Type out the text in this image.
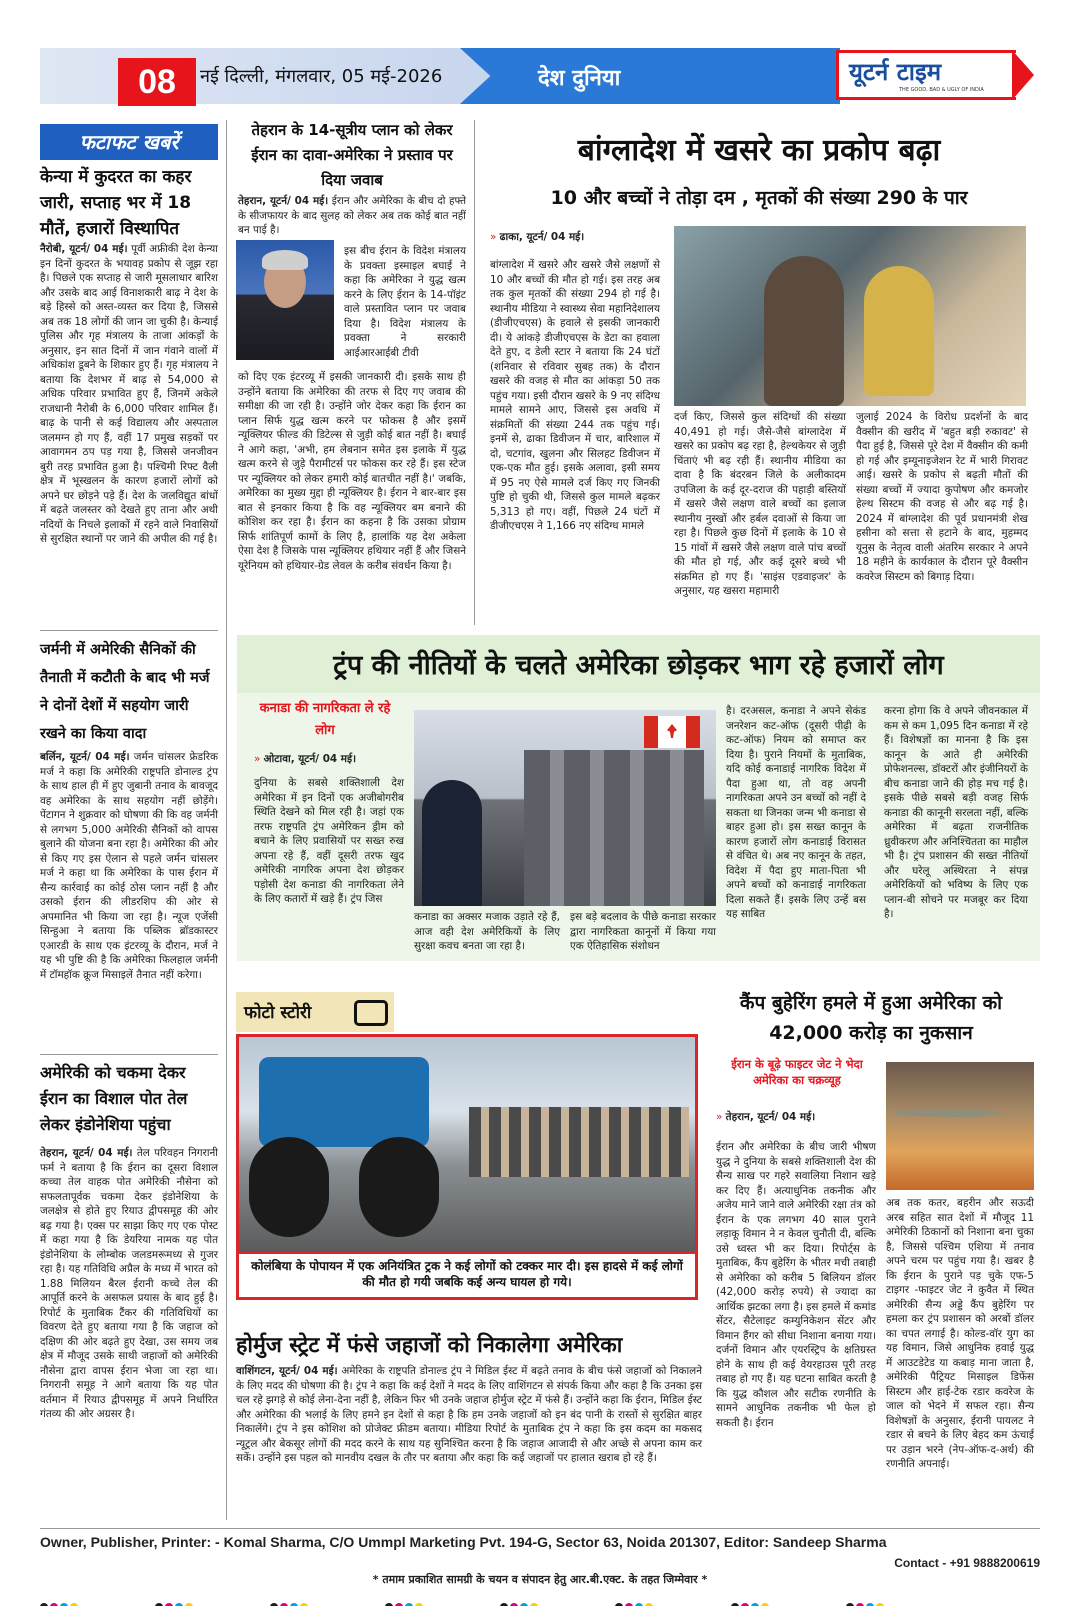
08	नई दिल्ली, मंगलवार, 05 मई-2026	देश दुनिया	यूटर्न टाइम
THE GOOD, BAD & UGLY OF INDIA
फटाफट खबरें
केन्या में कुदरत का कहर जारी, सप्ताह भर में 18 मौतें, हजारों विस्थापित
नैरोबी, यूटर्न/ 04 मई। पूर्वी अफ्रीकी देश केन्या इन दिनों कुदरत के भयावह प्रकोप से जूझ रहा है। पिछले एक सप्ताह से जारी मूसलाधार बारिश और उसके बाद आई विनाशकारी बाढ़ ने देश के बड़े हिस्से को अस्त-व्यस्त कर दिया है, जिससे अब तक 18 लोगों की जान जा चुकी है। केन्याई पुलिस और गृह मंत्रालय के ताजा आंकड़ों के अनुसार, इन सात दिनों में जान गंवाने वालों में अधिकांश डूबने के शिकार हुए हैं। गृह मंत्रालय ने बताया कि देशभर में बाढ़ से 54,000 से अधिक परिवार प्रभावित हुए हैं, जिनमें अकेले राजधानी नैरोबी के 6,000 परिवार शामिल हैं। बाढ़ के पानी से कई विद्यालय और अस्पताल जलमग्न हो गए हैं, वहीं 17 प्रमुख सड़कों पर आवागमन ठप पड़ गया है, जिससे जनजीवन बुरी तरह प्रभावित हुआ है। पश्चिमी रिफ्ट वैली क्षेत्र में भूस्खलन के कारण हजारों लोगों को अपने घर छोड़ने पड़े हैं। देश के जलविद्युत बांधों में बढ़ते जलस्तर को देखते हुए ताना और अथी नदियों के निचले इलाकों में रहने वाले निवासियों से सुरक्षित स्थानों पर जाने की अपील की गई है।
जर्मनी में अमेरिकी सैनिकों की तैनाती में कटौती के बाद भी मर्ज ने दोनों देशों में सहयोग जारी रखने का किया वादा
बर्लिन, यूटर्न/ 04 मई। जर्मन चांसलर फ्रेडरिक मर्ज ने कहा कि अमेरिकी राष्ट्रपति डोनाल्ड ट्रंप के साथ हाल ही में हुए जुबानी तनाव के बावजूद वह अमेरिका के साथ सहयोग नहीं छोड़ेंगे। पेंटागन ने शुक्रवार को घोषणा की कि वह जर्मनी से लगभग 5,000 अमेरिकी सैनिकों को वापस बुलाने की योजना बना रहा है। अमेरिका की ओर से किए गए इस ऐलान से पहले जर्मन चांसलर मर्ज ने कहा था कि अमेरिका के पास ईरान में सैन्य कार्रवाई का कोई ठोस प्लान नहीं है और उसको ईरान की लीडरशिप की ओर से अपमानित भी किया जा रहा है। न्यूज एजेंसी सिन्हुआ ने बताया कि पब्लिक ब्रॉडकास्टर एआरडी के साथ एक इंटरव्यू के दौरान, मर्ज ने यह भी पुष्टि की है कि अमेरिका फिलहाल जर्मनी में टॉमहॉक क्रूज मिसाइलें तैनात नहीं करेगा।
अमेरिकी को चकमा देकर ईरान का विशाल पोत तेल लेकर इंडोनेशिया पहुंचा
तेहरान, यूटर्न/ 04 मई। तेल परिवहन निगरानी फर्म ने बताया है कि ईरान का दूसरा विशाल कच्चा तेल वाहक पोत अमेरिकी नौसेना को सफलतापूर्वक चकमा देकर इंडोनेशिया के जलक्षेत्र से होते हुए रियाउ द्वीपसमूह की ओर बढ़ गया है। एक्स पर साझा किए गए एक पोस्ट में कहा गया है कि डेयरिया नामक यह पोत इंडोनेशिया के लोम्बोक जलडमरूमध्य से गुजर रहा है। यह गतिविधि अप्रैल के मध्य में भारत को 1.88 मिलियन बैरल ईरानी कच्चे तेल की आपूर्ति करने के असफल प्रयास के बाद हुई है। रिपोर्ट के मुताबिक टैंकर की गतिविधियों का विवरण देते हुए बताया गया है कि जहाज को दक्षिण की ओर बढ़ते हुए देखा, उस समय जब क्षेत्र में मौजूद उसके साथी जहाजों को अमेरिकी नौसेना द्वारा वापस ईरान भेजा जा रहा था। निगरानी समूह ने आगे बताया कि यह पोत वर्तमान में रियाउ द्वीपसमूह में अपने निर्धारित गंतव्य की ओर अग्रसर है।
तेहरान के 14-सूत्रीय प्लान को लेकर ईरान का दावा-अमेरिका ने प्रस्ताव पर दिया जवाब
तेहरान, यूटर्न/ 04 मई। ईरान और अमेरिका के बीच दो हफ्ते के सीजफायर के बाद सुलह को लेकर अब तक कोई बात नहीं बन पाई है।
इस बीच ईरान के विदेश मंत्रालय के प्रवक्ता इस्माइल बघाई ने कहा कि अमेरिका ने युद्ध खत्म करने के लिए ईरान के 14-पॉइंट वाले प्रस्तावित प्लान पर जवाब दिया है। विदेश मंत्रालय के प्रवक्ता ने सरकारी आईआरआईबी टीवी
को दिए एक इंटरव्यू में इसकी जानकारी दी। इसके साथ ही उन्होंने बताया कि अमेरिका की तरफ से दिए गए जवाब की समीक्षा की जा रही है। उन्होंने जोर देकर कहा कि ईरान का प्लान सिर्फ युद्ध खत्म करने पर फोकस है और इसमें न्यूक्लियर फील्ड की डिटेल्स से जुड़ी कोई बात नहीं है। बघाई ने आगे कहा, 'अभी, हम लेबनान समेत इस इलाके में युद्ध खत्म करने से जुड़े पैरामीटर्स पर फोकस कर रहे हैं। इस स्टेज पर न्यूक्लियर को लेकर हमारी कोई बातचीत नहीं है।' जबकि, अमेरिका का मुख्य मुद्दा ही न्यूक्लियर है। ईरान ने बार-बार इस बात से इनकार किया है कि वह न्यूक्लियर बम बनाने की कोशिश कर रहा है। ईरान का कहना है कि उसका प्रोग्राम सिर्फ शांतिपूर्ण कामों के लिए है, हालांकि यह देश अकेला ऐसा देश है जिसके पास न्यूक्लियर हथियार नहीं हैं और जिसने यूरेनियम को हथियार-ग्रेड लेवल के करीब संवर्धन किया है।
बांग्लादेश में खसरे का प्रकोप बढ़ा
10 और बच्चों ने तोड़ा दम , मृतकों की संख्या 290 के पार
» ढाका, यूटर्न/ 04 मई।
बांग्लादेश में खसरे और खसरे जैसे लक्षणों से 10 और बच्चों की मौत हो गई। इस तरह अब तक कुल मृतकों की संख्या 294 हो गई है। स्थानीय मीडिया ने स्वास्थ्य सेवा महानिदेशालय (डीजीएचएस) के हवाले से इसकी जानकारी दी। ये आंकड़े डीजीएचएस के डेटा का हवाला देते हुए, द डेली स्टार ने बताया कि 24 घंटों (शनिवार से रविवार सुबह तक) के दौरान खसरे की वजह से मौत का आंकड़ा 50 तक पहुंच गया। इसी दौरान खसरे के 9 नए संदिग्ध मामले सामने आए, जिससे इस अवधि में संक्रमितों की संख्या 244 तक पहुंच गई। इनमें से, ढाका डिवीजन में चार, बारिशाल में दो, चटगांव, खुलना और सिलहट डिवीजन में एक-एक मौत हुई। इसके अलावा, इसी समय में 95 नए ऐसे मामले दर्ज किए गए जिनकी पुष्टि हो चुकी थी, जिससे कुल मामले बढ़कर 5,313 हो गए। वहीं, पिछले 24 घंटों में डीजीएचएस ने 1,166 नए संदिग्ध मामले
दर्ज किए, जिससे कुल संदिग्धों की संख्या 40,491 हो गई। जैसे-जैसे बांग्लादेश में खसरे का प्रकोप बढ़ रहा है, हेल्थकेयर से जुड़ी चिंताएं भी बढ़ रही हैं। स्थानीय मीडिया का दावा है कि बंदरबन जिले के अलीकादम उपजिला के कई दूर-दराज की पहाड़ी बस्तियों में खसरे जैसे लक्षण वाले बच्चों का इलाज स्थानीय नुस्खों और हर्बल दवाओं से किया जा रहा है। पिछले कुछ दिनों में इलाके के 10 से 15 गांवों में खसरे जैसे लक्षण वाले पांच बच्चों की मौत हो गई, और कई दूसरे बच्चे भी संक्रमित हो गए हैं। 'साइंस एडवाइजर' के अनुसार, यह खसरा महामारी
जुलाई 2024 के विरोध प्रदर्शनों के बाद वैक्सीन की खरीद में 'बहुत बड़ी रुकावट' से पैदा हुई है, जिससे पूरे देश में वैक्सीन की कमी हो गई और इम्यूनाइजेशन रेट में भारी गिरावट आई। खसरे के प्रकोप से बढ़ती मौतों की संख्या बच्चों में ज्यादा कुपोषण और कमजोर हेल्थ सिस्टम की वजह से और बढ़ गई है। 2024 में बांग्लादेश की पूर्व प्रधानमंत्री शेख हसीना को सत्ता से हटाने के बाद, मुहम्मद यूनुस के नेतृत्व वाली अंतरिम सरकार ने अपने 18 महीने के कार्यकाल के दौरान पूरे वैक्सीन कवरेज सिस्टम को बिगाड़ दिया।
ट्रंप की नीतियों के चलते अमेरिका छोड़कर भाग रहे हजारों लोग
कनाडा की नागरिकता ले रहे लोग
» ओटावा, यूटर्न/ 04 मई।
दुनिया के सबसे शक्तिशाली देश अमेरिका में इन दिनों एक अजीबोगरीब स्थिति देखने को मिल रही है। जहां एक तरफ राष्ट्रपति ट्रंप अमेरिकन ड्रीम को बचाने के लिए प्रवासियों पर सख्त रुख अपना रहे हैं, वहीं दूसरी तरफ खुद अमेरिकी नागरिक अपना देश छोड़कर पड़ोसी देश कनाडा की नागरिकता लेने के लिए कतारों में खड़े हैं। ट्रंप जिस
कनाडा का अक्सर मजाक उड़ाते रहे हैं, आज वही देश अमेरिकियों के लिए सुरक्षा कवच बनता जा रहा है।
इस बड़े बदलाव के पीछे कनाडा सरकार द्वारा नागरिकता कानूनों में किया गया एक ऐतिहासिक संशोधन
है। दरअसल, कनाडा ने अपने सेकंड जनरेशन कट-ऑफ (दूसरी पीढ़ी के कट-ऑफ) नियम को समाप्त कर दिया है। पुराने नियमों के मुताबिक, यदि कोई कनाडाई नागरिक विदेश में पैदा हुआ था, तो वह अपनी नागरिकता अपने उन बच्चों को नहीं दे सकता था जिनका जन्म भी कनाडा से बाहर हुआ हो। इस सख्त कानून के कारण हजारों लोग कनाडाई विरासत से वंचित थे। अब नए कानून के तहत, विदेश में पैदा हुए माता-पिता भी अपने बच्चों को कनाडाई नागरिकता दिला सकते हैं। इसके लिए उन्हें बस यह साबित
करना होगा कि वे अपने जीवनकाल में कम से कम 1,095 दिन कनाडा में रहे हैं। विशेषज्ञों का मानना है कि इस कानून के आते ही अमेरिकी प्रोफेशनल्स, डॉक्टरों और इंजीनियरों के बीच कनाडा जाने की होड़ मच गई है। इसके पीछे सबसे बड़ी वजह सिर्फ कनाडा की कानूनी सरलता नहीं, बल्कि अमेरिका में बढ़ता राजनीतिक ध्रुवीकरण और अनिश्चितता का माहौल भी है। ट्रंप प्रशासन की सख्त नीतियों और घरेलू अस्थिरता ने संपन्न अमेरिकियों को भविष्य के लिए एक प्लान-बी सोचने पर मजबूर कर दिया है।
फोटो स्टोरी
कोलंबिया के पोपायन में एक अनियंत्रित ट्रक ने कई लोगों को टक्कर मार दी। इस हादसे में कई लोगों की मौत हो गयी जबकि कई अन्य घायल हो गये।
होर्मुज स्ट्रेट में फंसे जहाजों को निकालेगा अमेरिका
वाशिंगटन, यूटर्न/ 04 मई। अमेरिका के राष्ट्रपति डोनाल्ड ट्रंप ने मिडिल ईस्ट में बढ़ते तनाव के बीच फंसे जहाजों को निकालने के लिए मदद की घोषणा की है। ट्रंप ने कहा कि कई देशों ने मदद के लिए वाशिंगटन से संपर्क किया और कहा है कि उनका इस चल रहे झगड़े से कोई लेना-देना नहीं है, लेकिन फिर भी उनके जहाज होर्मुज स्ट्रेट में फंसे हैं। उन्होंने कहा कि ईरान, मिडिल ईस्ट और अमेरिका की भलाई के लिए हमने इन देशों से कहा है कि हम उनके जहाजों को इन बंद पानी के रास्तों से सुरक्षित बाहर निकालेंगे। ट्रंप ने इस कोशिश को प्रोजेक्ट फ्रीडम बताया। मीडिया रिपोर्ट के मुताबिक ट्रंप ने कहा कि इस कदम का मकसद न्यूट्रल और बेकसूर लोगों की मदद करने के साथ यह सुनिश्चित करना है कि जहाज आजादी से और अच्छे से अपना काम कर सकें। उन्होंने इस पहल को मानवीय दखल के तौर पर बताया और कहा कि कई जहाजों पर हालात खराब हो रहे हैं।
कैंप बुहेरिंग हमले में हुआ अमेरिका को 42,000 करोड़ का नुकसान
ईरान के बूढ़े फाइटर जेट ने भेदा अमेरिका का चक्रव्यूह
» तेहरान, यूटर्न/ 04 मई।
ईरान और अमेरिका के बीच जारी भीषण युद्ध ने दुनिया के सबसे शक्तिशाली देश की सैन्य साख पर गहरे सवालिया निशान खड़े कर दिए हैं। अत्याधुनिक तकनीक और अजेय माने जाने वाले अमेरिकी रक्षा तंत्र को ईरान के एक लगभग 40 साल पुराने लड़ाकू विमान ने न केवल चुनौती दी, बल्कि उसे ध्वस्त भी कर दिया। रिपोर्ट्स के मुताबिक, कैंप बुहेरिंग के भीतर मची तबाही से अमेरिका को करीब 5 बिलियन डॉलर (42,000 करोड़ रुपये) से ज्यादा का आर्थिक झटका लगा है। इस हमले में कमांड सेंटर, सैटेलाइट कम्युनिकेशन सेंटर और विमान हैंगर को सीधा निशाना बनाया गया। दर्जनों विमान और एयरस्ट्रिप के क्षतिग्रस्त होने के साथ ही कई वेयरहाउस पूरी तरह तबाह हो गए हैं। यह घटना साबित करती है कि युद्ध कौशल और सटीक रणनीति के सामने आधुनिक तकनीक भी फेल हो सकती है। ईरान
अब तक कतर, बहरीन और सऊदी अरब सहित सात देशों में मौजूद 11 अमेरिकी ठिकानों को निशाना बना चुका है, जिससे पश्चिम एशिया में तनाव अपने चरम पर पहुंच गया है। खबर है कि ईरान के पुराने पड़ चुके एफ-5 टाइगर -फाइटर जेट ने कुवैत में स्थित अमेरिकी सैन्य अड्डे कैंप बुहेरिंग पर हमला कर ट्रंप प्रशासन को अरबों डॉलर का चपत लगाई है। कोल्ड-वॉर युग का यह विमान, जिसे आधुनिक हवाई युद्ध में आउटडेटेड या कबाड़ माना जाता है, अमेरिकी पैट्रियट मिसाइल डिफेंस सिस्टम और हाई-टेक रडार कवरेज के जाल को भेदने में सफल रहा। सैन्य विशेषज्ञों के अनुसार, ईरानी पायलट ने रडार से बचने के लिए बेहद कम ऊंचाई पर उड़ान भरने (नेप-ऑफ-द-अर्थ) की रणनीति अपनाई।
Owner, Publisher, Printer: - Komal Sharma, C/O Ummpl Marketing Pvt. 194-G, Sector 63, Noida 201307, Editor: Sandeep Sharma
Contact - +91 9888200619
* तमाम प्रकाशित सामग्री के चयन व संपादन हेतु आर.बी.एक्ट. के तहत जिम्मेवार *
